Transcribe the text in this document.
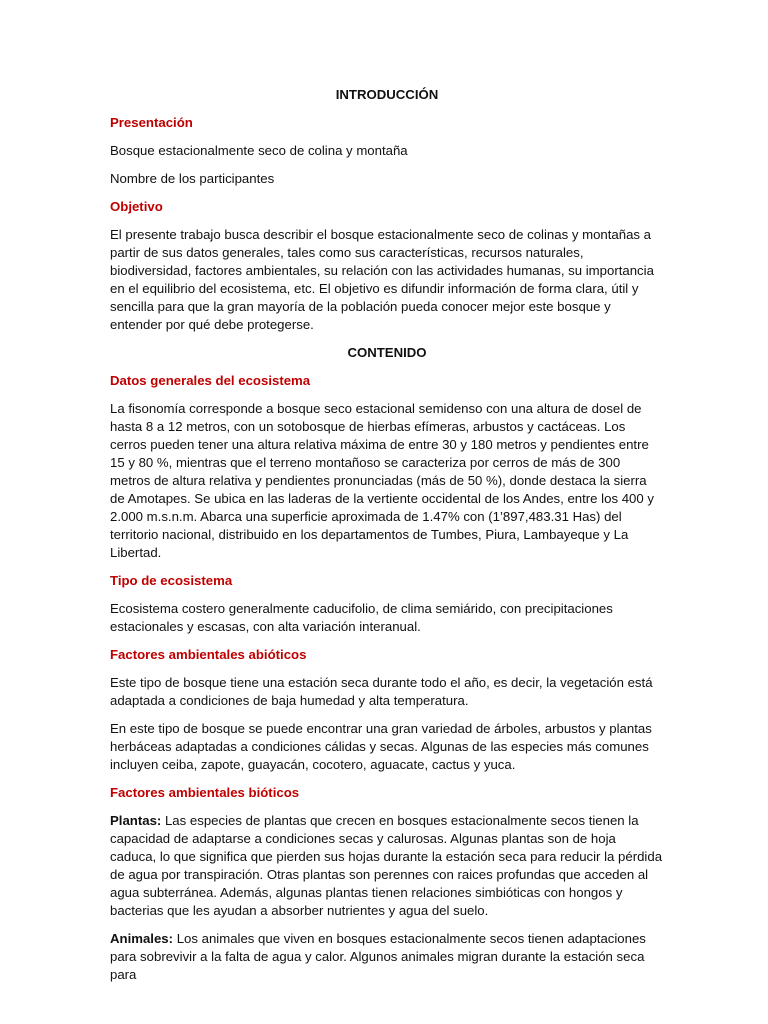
INTRODUCCIÓN
Presentación

Bosque estacionalmente seco de colina y montaña

Nombre de los participantes

Objetivo

El presente trabajo busca describir el bosque estacionalmente seco de colinas y montañas a partir de sus datos generales, tales como sus características, recursos naturales, biodiversidad, factores ambientales, su relación con las actividades humanas, su importancia en el equilibrio del ecosistema, etc. El objetivo es difundir información de forma clara, útil y sencilla para que la gran mayoría de la población pueda conocer mejor este bosque y entender por qué debe protegerse.

CONTENIDO
Datos generales del ecosistema

La fisonomía corresponde a bosque seco estacional semidenso con una altura de dosel de hasta 8 a 12 metros, con un sotobosque de hierbas efímeras, arbustos y cactáceas. Los cerros pueden tener una altura relativa máxima de entre 30 y 180 metros y pendientes entre 15 y 80 %, mientras que el terreno montañoso se caracteriza por cerros de más de 300 metros de altura relativa y pendientes pronunciadas (más de 50 %), donde destaca la sierra de Amotapes. Se ubica en las laderas de la vertiente occidental de los Andes, entre los 400 y 2.000 m.s.n.m. Abarca una superficie aproximada de 1.47% con (1’897,483.31 Has) del territorio nacional, distribuido en los departamentos de Tumbes, Piura, Lambayeque y La Libertad.

Tipo de ecosistema

Ecosistema costero generalmente caducifolio, de clima semiárido, con precipitaciones estacionales y escasas, con alta variación interanual.

Factores ambientales abióticos

Este tipo de bosque tiene una estación seca durante todo el año, es decir, la vegetación está adaptada a condiciones de baja humedad y alta temperatura.

En este tipo de bosque se puede encontrar una gran variedad de árboles, arbustos y plantas herbáceas adaptadas a condiciones cálidas y secas. Algunas de las especies más comunes incluyen ceiba, zapote, guayacán, cocotero, aguacate, cactus y yuca.

Factores ambientales bióticos

Plantas: Las especies de plantas que crecen en bosques estacionalmente secos tienen la capacidad de adaptarse a condiciones secas y calurosas. Algunas plantas son de hoja caduca, lo que significa que pierden sus hojas durante la estación seca para reducir la pérdida de agua por transpiración. Otras plantas son perennes con raices profundas que acceden al agua subterránea. Además, algunas plantas tienen relaciones simbióticas con hongos y bacterias que les ayudan a absorber nutrientes y agua del suelo.

Animales: Los animales que viven en bosques estacionalmente secos tienen adaptaciones para sobrevivir a la falta de agua y calor. Algunos animales migran durante la estación seca para
